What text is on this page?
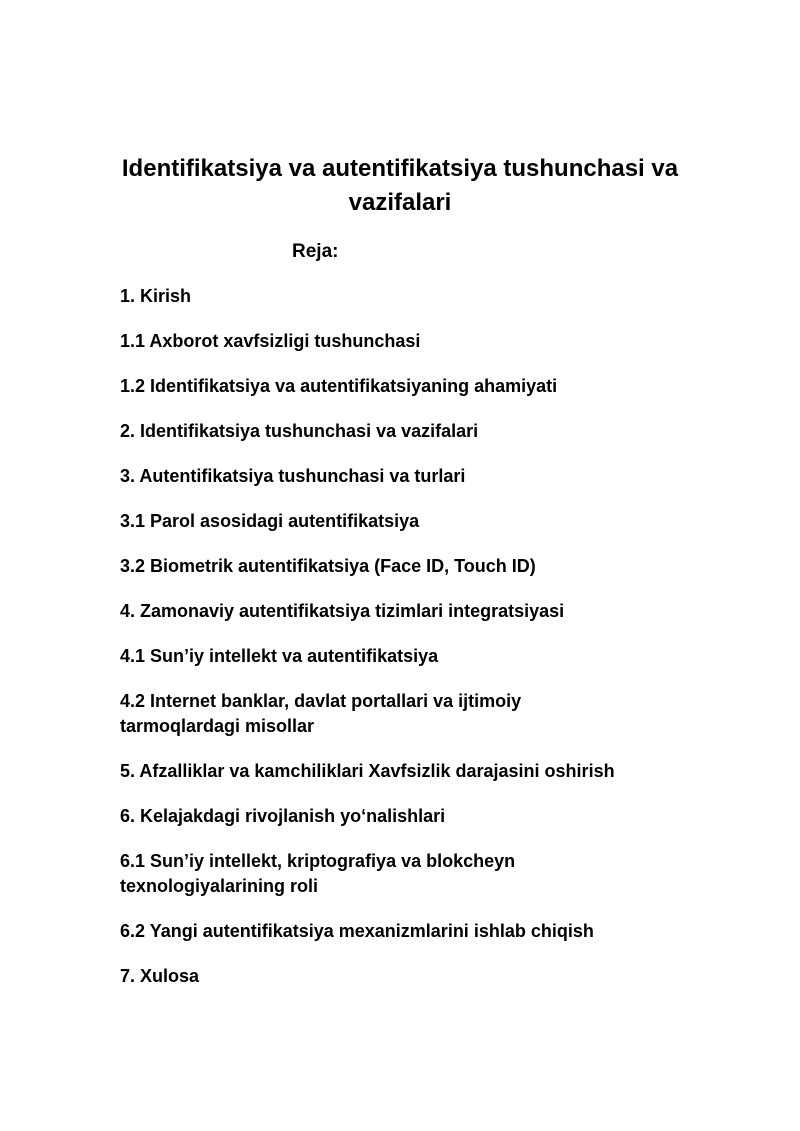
Identifikatsiya va autentifikatsiya tushunchasi va vazifalari

Reja:

1. Kirish
1.1 Axborot xavfsizligi tushunchasi
1.2 Identifikatsiya va autentifikatsiyaning ahamiyati
2. Identifikatsiya tushunchasi va vazifalari
3. Autentifikatsiya tushunchasi va turlari
3.1 Parol asosidagi autentifikatsiya
3.2 Biometrik autentifikatsiya (Face ID, Touch ID)
4. Zamonaviy autentifikatsiya tizimlari integratsiyasi
4.1 Sun’iy intellekt va autentifikatsiya
4.2 Internet banklar, davlat portallari va ijtimoiy tarmoqlardagi misollar
5. Afzalliklar va kamchiliklari Xavfsizlik darajasini oshirish
6. Kelajakdagi rivojlanish yo‘nalishlari
6.1 Sun’iy intellekt, kriptografiya va blokcheyn texnologiyalarining roli
6.2 Yangi autentifikatsiya mexanizmlarini ishlab chiqish
7. Xulosa
